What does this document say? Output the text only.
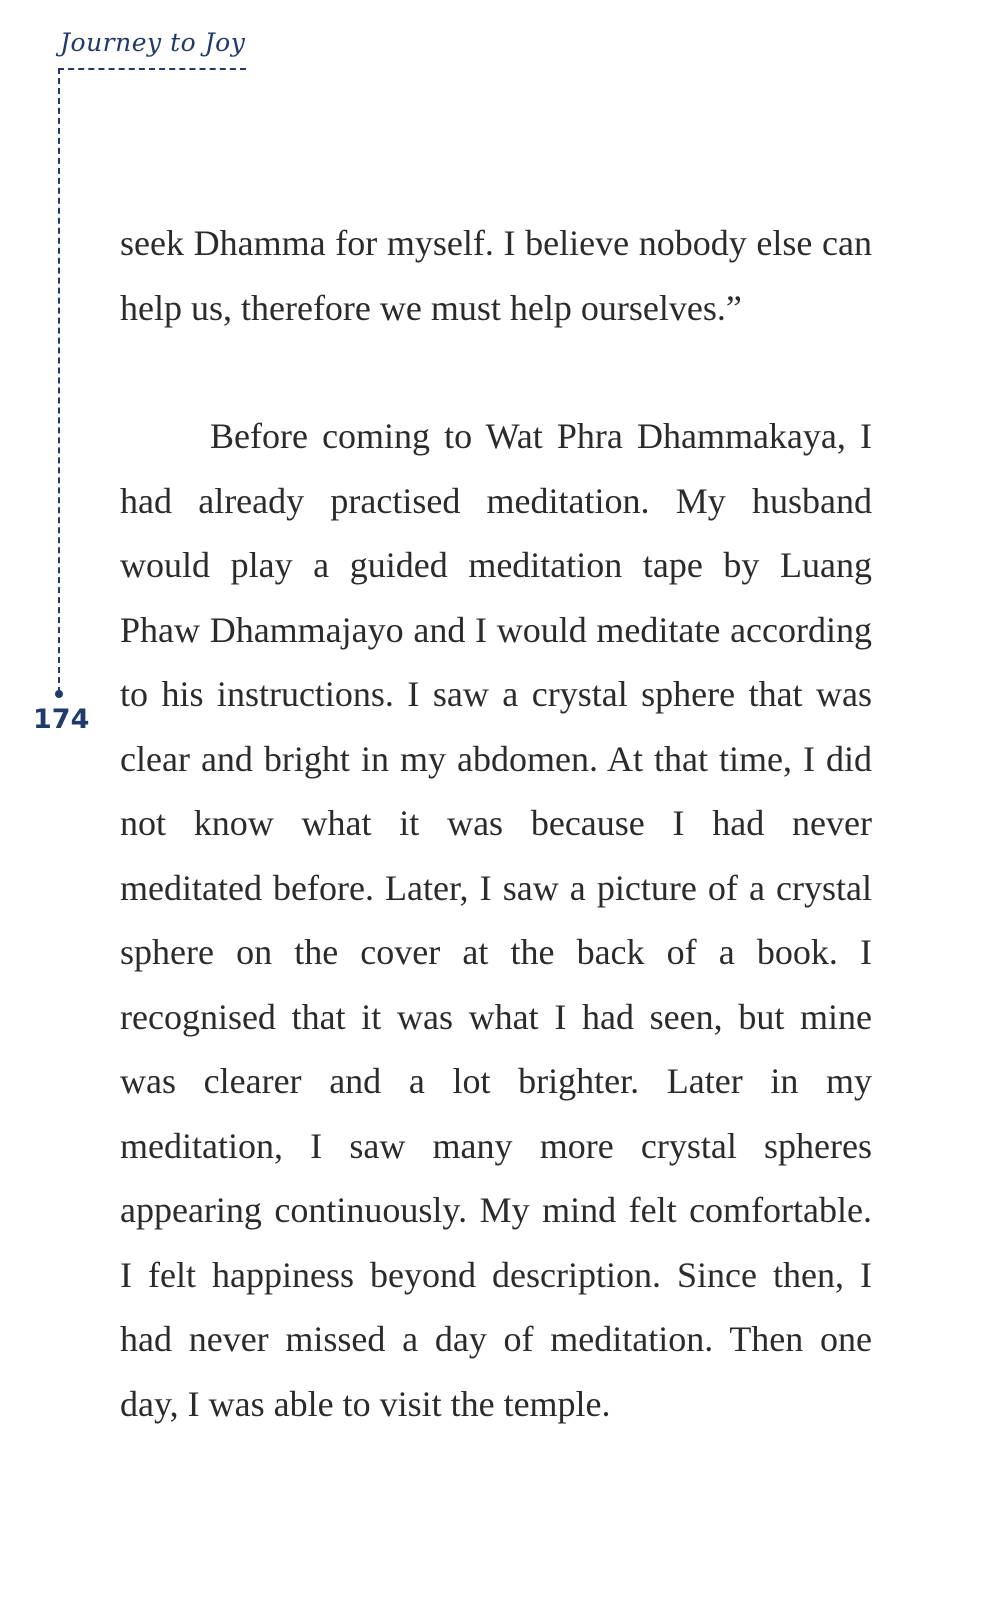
Journey to Joy
174

seek Dhamma for myself. I believe nobody else can help us, therefore we must help ourselves.”

Before coming to Wat Phra Dhammakaya, I had already practised meditation. My husband would play a guided meditation tape by Luang Phaw Dhammajayo and I would meditate according to his instructions. I saw a crystal sphere that was clear and bright in my abdomen. At that time, I did not know what it was because I had never meditated before. Later, I saw a picture of a crystal sphere on the cover at the back of a book. I recognised that it was what I had seen, but mine was clearer and a lot brighter. Later in my meditation, I saw many more crystal spheres appearing continuously. My mind felt comfortable. I felt happiness beyond description. Since then, I had never missed a day of meditation. Then one day, I was able to visit the temple.
